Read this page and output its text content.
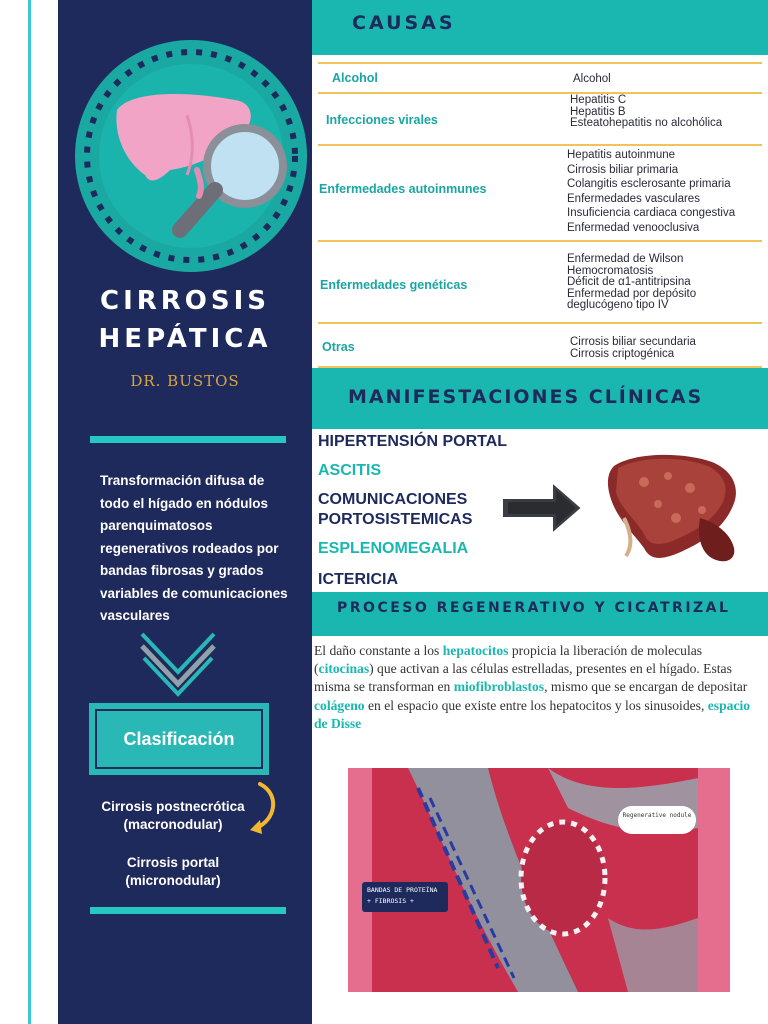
CIRROSIS
HEPÁTICA
DR. BUSTOS
Transformación difusa de todo el hígado en nódulos parenquimatosos regenerativos rodeados por bandas fibrosas y grados variables de comunicaciones vasculares
Clasificación
Cirrosis postnecrótica
(macronodular)
Cirrosis portal
(micronodular)
CAUSAS
Alcohol	Alcohol
Infecciones virales
Hepatitis C
Hepatitis B
Esteatohepatitis no alcohólica
Enfermedades autoinmunes
Hepatitis autoinmune
Cirrosis biliar primaria
Colangitis esclerosante primaria
Enfermedades vasculares
Insuficiencia cardiaca congestiva
Enfermedad venooclusiva
Enfermedades genéticas
Enfermedad de Wilson
Hemocromatosis
Déficit de α1-antitripsina
Enfermedad por depósito
deglucógeno tipo IV
Otras	Cirrosis biliar secundaria
Cirrosis criptogénica
MANIFESTACIONES CLÍNICAS
HIPERTENSIÓN PORTAL
ASCITIS
COMUNICACIONES
PORTOSISTEMICAS
ESPLENOMEGALIA
ICTERICIA
PROCESO REGENERATIVO Y CICATRIZAL
El daño constante a los hepatocitos propicia la liberación de moleculas (citocinas) que activan a las células estrelladas, presentes en el hígado. Estas misma se transforman en miofibroblastos, mismo que se encargan de depositar colágeno en el espacio que existe entre los hepatocitos y los sinusoides, espacio de Disse
BANDAS DE PROTEÍNA + FIBROSIS +
Regenerative nodule
